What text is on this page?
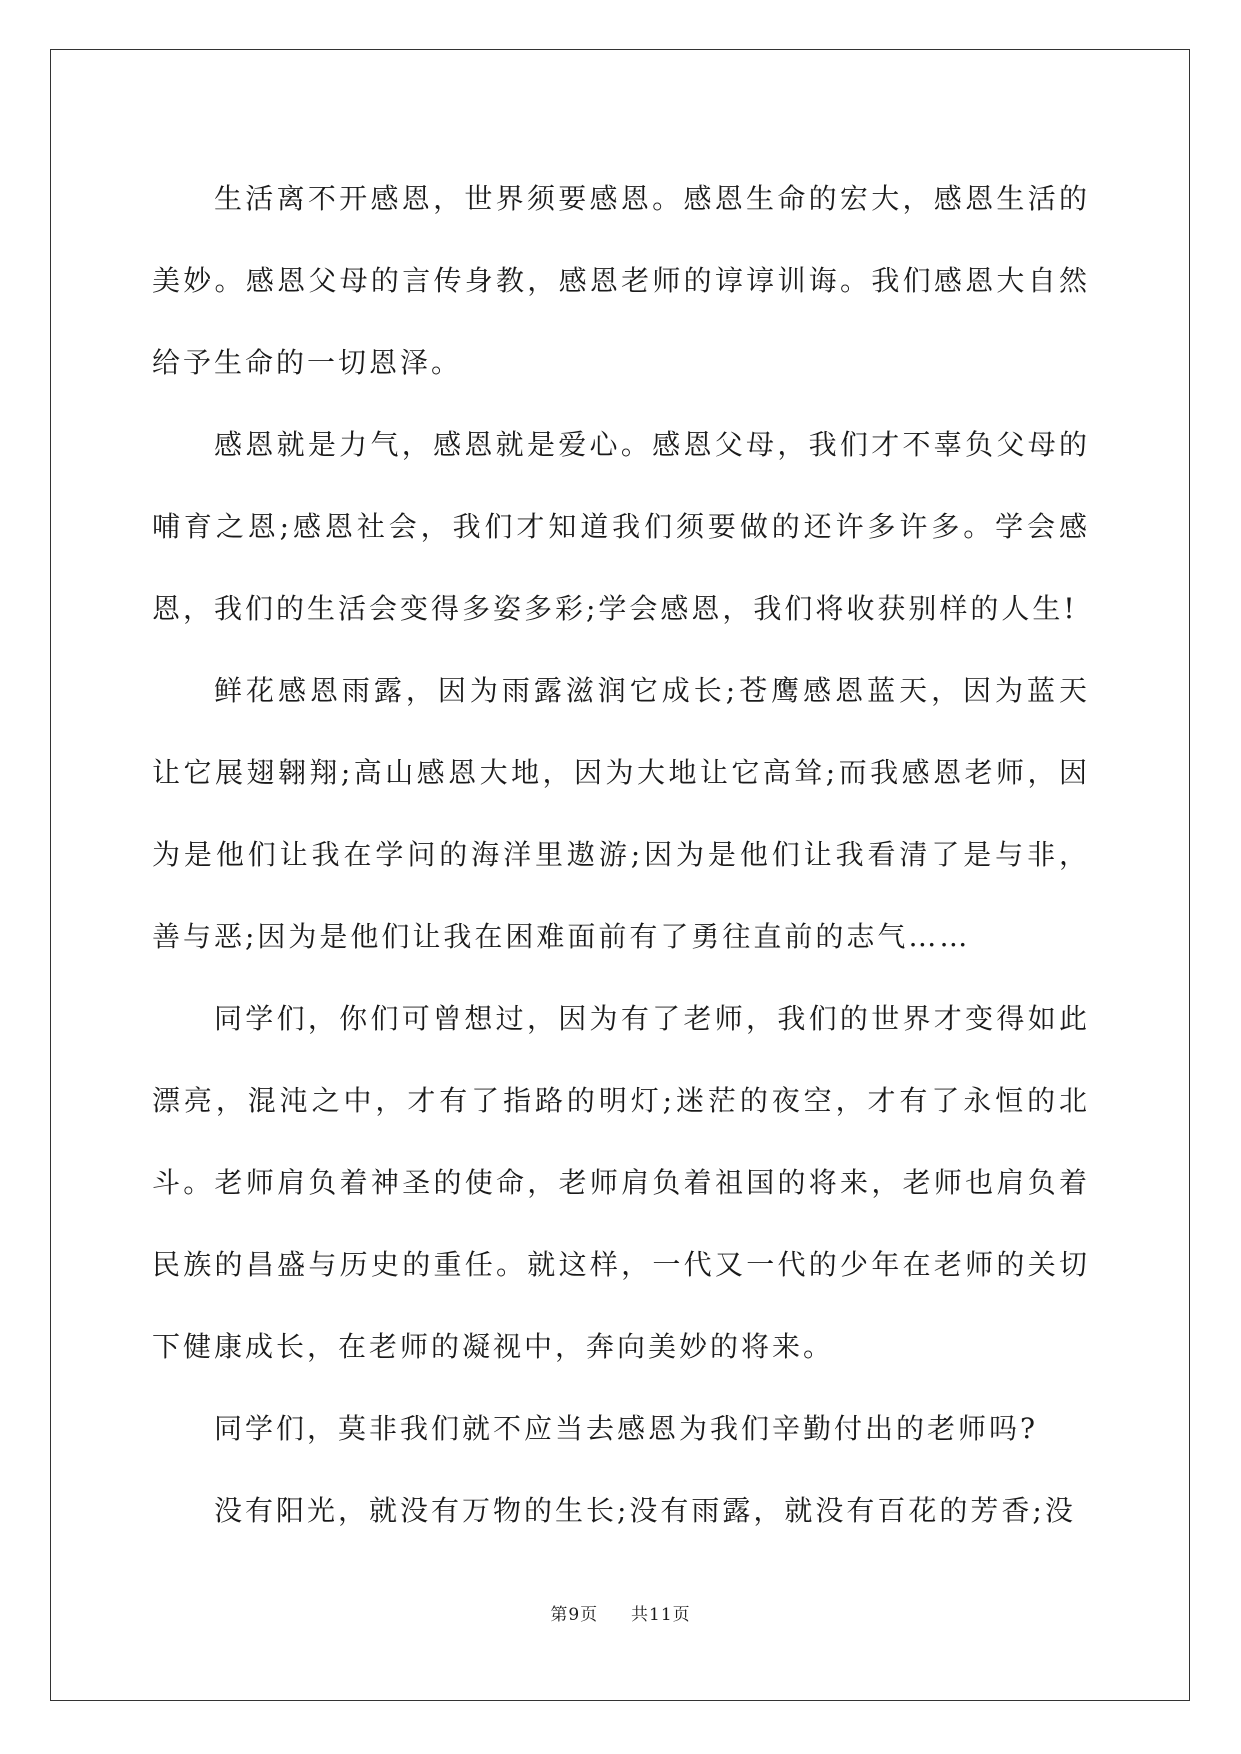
生活离不开感恩，世界须要感恩。感恩生命的宏大，感恩生活的美妙。感恩父母的言传身教，感恩老师的谆谆训诲。我们感恩大自然给予生命的一切恩泽。

感恩就是力气，感恩就是爱心。感恩父母，我们才不辜负父母的哺育之恩;感恩社会，我们才知道我们须要做的还许多许多。学会感恩，我们的生活会变得多姿多彩;学会感恩，我们将收获别样的人生!

鲜花感恩雨露，因为雨露滋润它成长;苍鹰感恩蓝天，因为蓝天让它展翅翱翔;高山感恩大地，因为大地让它高耸;而我感恩老师，因为是他们让我在学问的海洋里遨游;因为是他们让我看清了是与非，善与恶;因为是他们让我在困难面前有了勇往直前的志气……

同学们，你们可曾想过，因为有了老师，我们的世界才变得如此漂亮，混沌之中，才有了指路的明灯;迷茫的夜空，才有了永恒的北斗。老师肩负着神圣的使命，老师肩负着祖国的将来，老师也肩负着民族的昌盛与历史的重任。就这样，一代又一代的少年在老师的关切下健康成长，在老师的凝视中，奔向美妙的将来。

同学们，莫非我们就不应当去感恩为我们辛勤付出的老师吗?

没有阳光，就没有万物的生长;没有雨露，就没有百花的芳香;没

第9页 共11页
